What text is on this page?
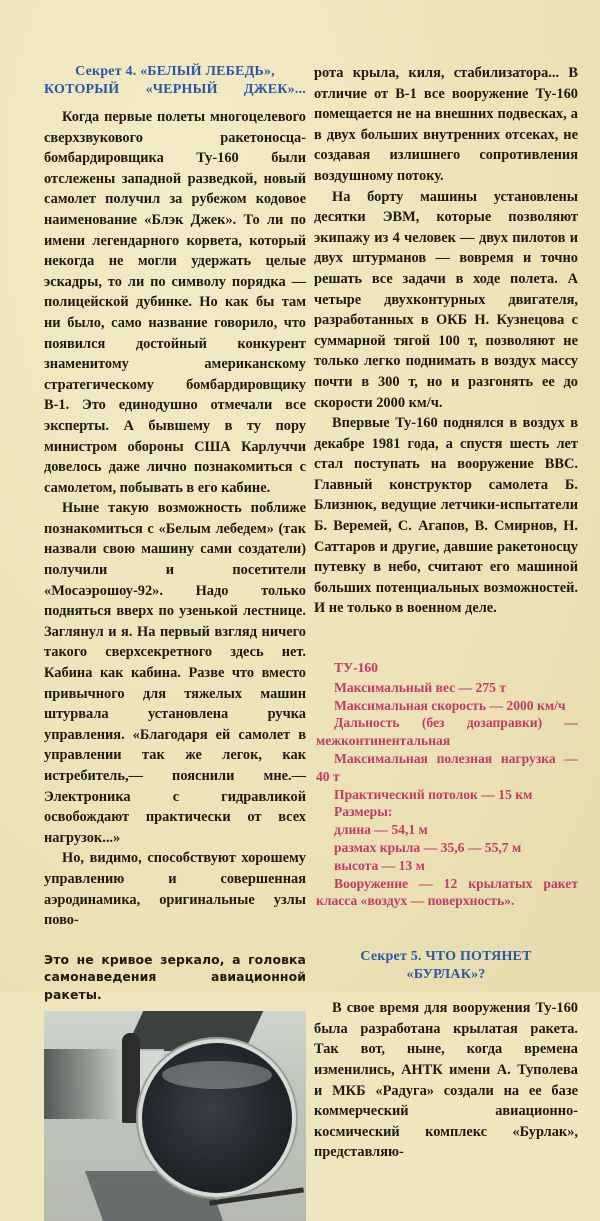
Секрет 4. «БЕЛЫЙ ЛЕБЕДЬ»,
КОТОРЫЙ «ЧЕРНЫЙ ДЖЕК»...

Когда первые полеты многоцелевого сверхзвукового ракетоносца-бомбардировщика Ту-160 были отслежены западной разведкой, новый самолет получил за рубежом кодовое наименование «Блэк Джек». То ли по имени легендарного корвета, который некогда не могли удержать целые эскадры, то ли по символу порядка — полицейской дубинке. Но как бы там ни было, само название говорило, что появился достойный конкурент знаменитому американскому стратегическому бомбардировщику В-1. Это единодушно отмечали все эксперты. А бывшему в ту пору министром обороны США Карлуччи довелось даже лично познакомиться с самолетом, побывать в его кабине.

Ныне такую возможность поближе познакомиться с «Белым лебедем» (так назвали свою машину сами создатели) получили и посетители «Мосаэрошоу-92». Надо только подняться вверх по узенькой лестнице. Заглянул и я. На первый взгляд ничего такого сверхсекретного здесь нет. Кабина как кабина. Разве что вместо привычного для тяжелых машин штурвала установлена ручка управления. «Благодаря ей самолет в управлении так же легок, как истребитель,— пояснили мне.— Электроника с гидравликой освобождают практически от всех нагрузок...»

Но, видимо, способствуют хорошему управлению и совершенная аэродинамика, оригинальные узлы пово-

Это не кривое зеркало, а головка самонаведения авиационной ракеты.

рота крыла, киля, стабилизатора... В отличие от В-1 все вооружение Ту-160 помещается не на внешних подвесках, а в двух больших внутренних отсеках, не создавая излишнего сопротивления воздушному потоку.

На борту машины установлены десятки ЭВМ, которые позволяют экипажу из 4 человек — двух пилотов и двух штурманов — вовремя и точно решать все задачи в ходе полета. А четыре двухконтурных двигателя, разработанных в ОКБ Н. Кузнецова с суммарной тягой 100 т, позволяют не только легко поднимать в воздух массу почти в 300 т, но и разгонять ее до скорости 2000 км/ч.

Впервые Ту-160 поднялся в воздух в декабре 1981 года, а спустя шесть лет стал поступать на вооружение ВВС. Главный конструктор самолета Б. Близнюк, ведущие летчики-испытатели Б. Веремей, С. Агапов, В. Смирнов, Н. Саттаров и другие, давшие ракетоносцу путевку в небо, считают его машиной больших потенциальных возможностей. И не только в военном деле.

ТУ-160
Максимальный вес — 275 т
Максимальная скорость — 2000 км/ч
Дальность (без дозаправки) — межконтинентальная
Максимальная полезная нагрузка — 40 т
Практический потолок — 15 км
Размеры:
длина — 54,1 м
размах крыла — 35,6 — 55,7 м
высота — 13 м
Вооружение — 12 крылатых ракет класса «воздух — поверхность».
Секрет 5. ЧТО ПОТЯНЕТ
«БУРЛАК»?

В свое время для вооружения Ту-160 была разработана крылатая ракета. Так вот, ныне, когда времена изменились, АНТК имени А. Туполева и МКБ «Радуга» создали на ее базе коммерческий авиационно-космический комплекс «Бурлак», представляю-
